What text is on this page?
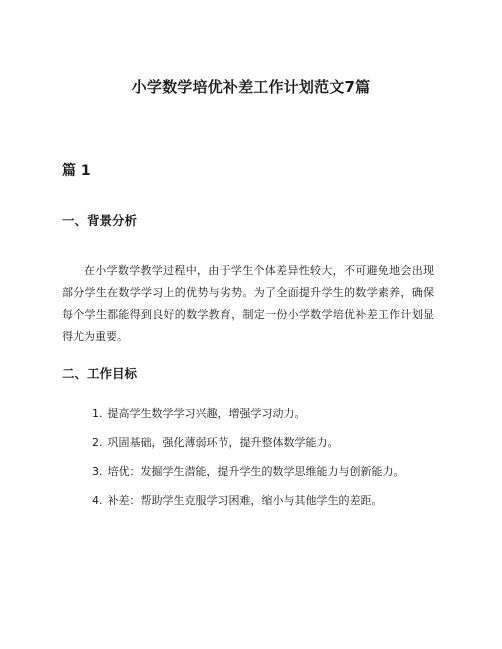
小学数学培优补差工作计划范文7篇
篇 1
一、背景分析

在小学数学教学过程中，由于学生个体差异性较大，不可避免地会出现部分学生在数学学习上的优势与劣势。为了全面提升学生的数学素养，确保每个学生都能得到良好的数学教育，制定一份小学数学培优补差工作计划显得尤为重要。

二、工作目标
1. 提高学生数学学习兴趣，增强学习动力。
2. 巩固基础，强化薄弱环节，提升整体数学能力。
3. 培优：发掘学生潜能，提升学生的数学思维能力与创新能力。
4. 补差：帮助学生克服学习困难，缩小与其他学生的差距。
